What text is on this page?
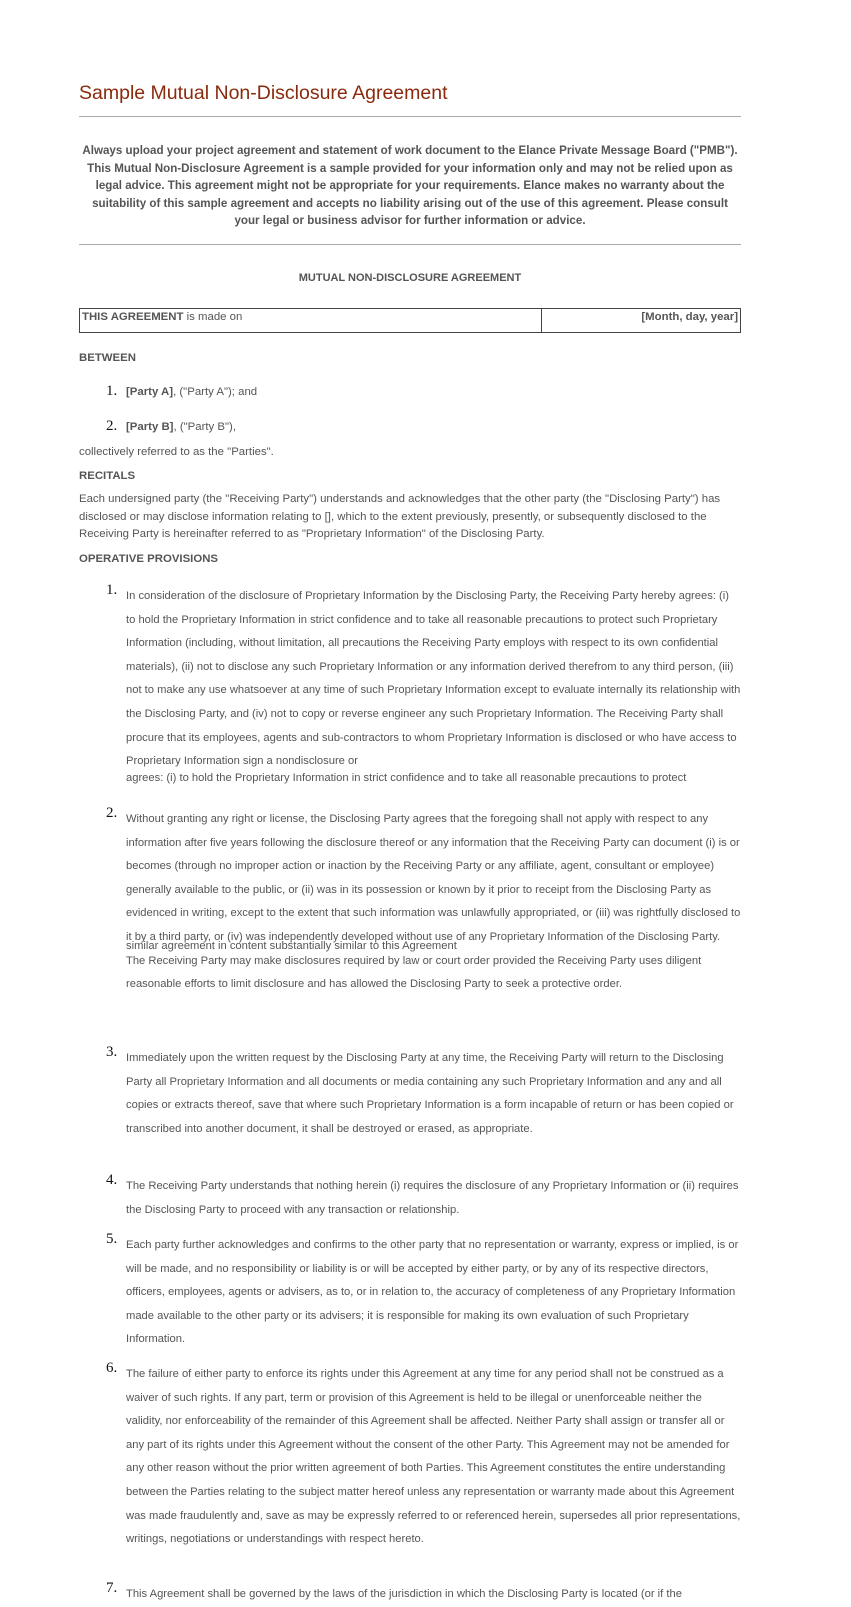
Sample Mutual Non-Disclosure Agreement
Always upload your project agreement and statement of work document to the Elance Private Message Board ("PMB"). This Mutual Non-Disclosure Agreement is a sample provided for your information only and may not be relied upon as legal advice. This agreement might not be appropriate for your requirements. Elance makes no warranty about the suitability of this sample agreement and accepts no liability arising out of the use of this agreement. Please consult your legal or business advisor for further information or advice.
MUTUAL NON-DISCLOSURE AGREEMENT
THIS AGREEMENT is made on	[Month, day, year]
BETWEEN
1. [Party A], ("Party A"); and
2. [Party B], ("Party B"),
collectively referred to as the "Parties".
RECITALS
Each undersigned party (the "Receiving Party") understands and acknowledges that the other party (the "Disclosing Party") has disclosed or may disclose information relating to [], which to the extent previously, presently, or subsequently disclosed to the Receiving Party is hereinafter referred to as "Proprietary Information" of the Disclosing Party.
OPERATIVE PROVISIONS
1. In consideration of the disclosure of Proprietary Information by the Disclosing Party, the Receiving Party hereby agrees: (i) to hold the Proprietary Information in strict confidence and to take all reasonable precautions to protect such Proprietary Information (including, without limitation, all precautions the Receiving Party employs with respect to its own confidential materials), (ii) not to disclose any such Proprietary Information or any information derived therefrom to any third person, (iii) not to make any use whatsoever at any time of such Proprietary Information except to evaluate internally its relationship with the Disclosing Party, and (iv) not to copy or reverse engineer any such Proprietary Information. The Receiving Party shall procure that its employees, agents and sub-contractors to whom Proprietary Information is disclosed or who have access to Proprietary Information sign a nondisclosure or
agrees: (i) to hold the Proprietary Information in strict confidence and to take all reasonable precautions to protect
2. Without granting any right or license, the Disclosing Party agrees that the foregoing shall not apply with respect to any information after five years following the disclosure thereof or any information that the Receiving Party can document (i) is or becomes (through no improper action or inaction by the Receiving Party or any affiliate, agent, consultant or employee) generally available to the public, or (ii) was in its possession or known by it prior to receipt from the Disclosing Party as evidenced in writing, except to the extent that such information was unlawfully appropriated, or (iii) was rightfully disclosed to it by a third party, or (iv) was independently developed without use of any Proprietary Information of the Disclosing Party. The Receiving Party may make disclosures required by law or court order provided the Receiving Party uses diligent reasonable efforts to limit disclosure and has allowed the Disclosing Party to seek a protective order.
similar agreement in content substantially similar to this Agreement
3. Immediately upon the written request by the Disclosing Party at any time, the Receiving Party will return to the Disclosing Party all Proprietary Information and all documents or media containing any such Proprietary Information and any and all copies or extracts thereof, save that where such Proprietary Information is a form incapable of return or has been copied or transcribed into another document, it shall be destroyed or erased, as appropriate.
4. The Receiving Party understands that nothing herein (i) requires the disclosure of any Proprietary Information or (ii) requires the Disclosing Party to proceed with any transaction or relationship.
5. Each party further acknowledges and confirms to the other party that no representation or warranty, express or implied, is or will be made, and no responsibility or liability is or will be accepted by either party, or by any of its respective directors, officers, employees, agents or advisers, as to, or in relation to, the accuracy of completeness of any Proprietary Information made available to the other party or its advisers; it is responsible for making its own evaluation of such Proprietary Information.
6. The failure of either party to enforce its rights under this Agreement at any time for any period shall not be construed as a waiver of such rights. If any part, term or provision of this Agreement is held to be illegal or unenforceable neither the validity, nor enforceability of the remainder of this Agreement shall be affected. Neither Party shall assign or transfer all or any part of its rights under this Agreement without the consent of the other Party. This Agreement may not be amended for any other reason without the prior written agreement of both Parties. This Agreement constitutes the entire understanding between the Parties relating to the subject matter hereof unless any representation or warranty made about this Agreement was made fraudulently and, save as may be expressly referred to or referenced herein, supersedes all prior representations, writings, negotiations or understandings with respect hereto.
7. This Agreement shall be governed by the laws of the jurisdiction in which the Disclosing Party is located (or if the
